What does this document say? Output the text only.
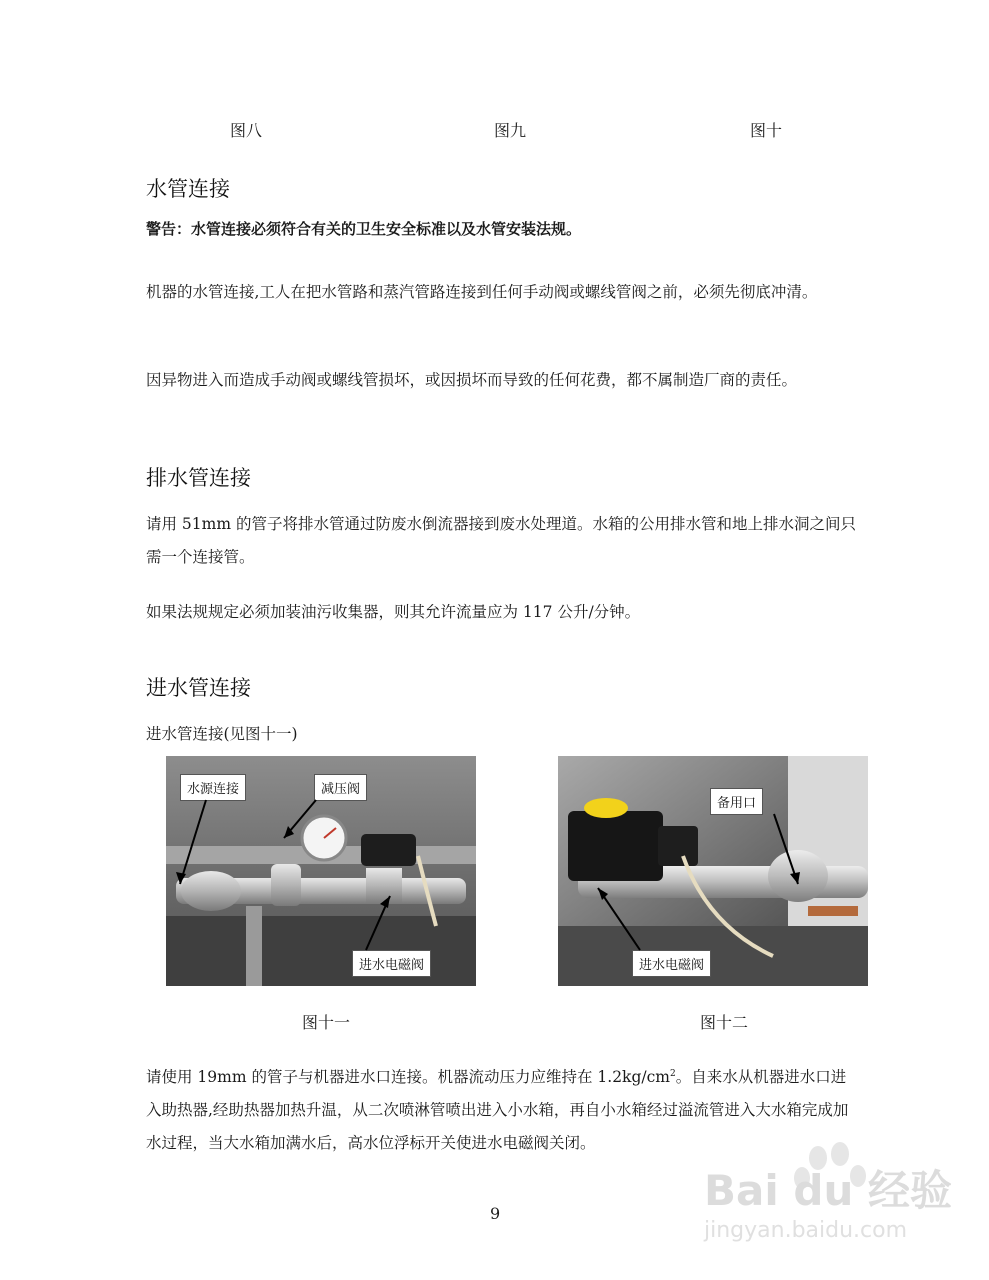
图八	图九	图十
水管连接
警告：水管连接必须符合有关的卫生安全标准以及水管安装法规。
机器的水管连接,工人在把水管路和蒸汽管路连接到任何手动阀或螺线管阀之前，必须先彻底冲清。
因异物进入而造成手动阀或螺线管损坏，或因损坏而导致的任何花费，都不属制造厂商的责任。
排水管连接
请用 51mm 的管子将排水管通过防废水倒流器接到废水处理道。水箱的公用排水管和地上排水洞之间只需一个连接管。
如果法规规定必须加装油污收集器，则其允许流量应为 117 公升/分钟。
进水管连接
进水管连接(见图十一)
水源连接	减压阀
进水电磁阀
备用口
进水电磁阀
图十一	图十二
请使用 19mm 的管子与机器进水口连接。机器流动压力应维持在 $1.2kg/cm^2$。自来水从机器进水口进入助热器,经助热器加热升温，从二次喷淋管喷出进入小水箱，再自小水箱经过溢流管进入大水箱完成加水过程，当大水箱加满水后，高水位浮标开关使进水电磁阀关闭。
9	Bai du 经验
jingyan.baidu.com
